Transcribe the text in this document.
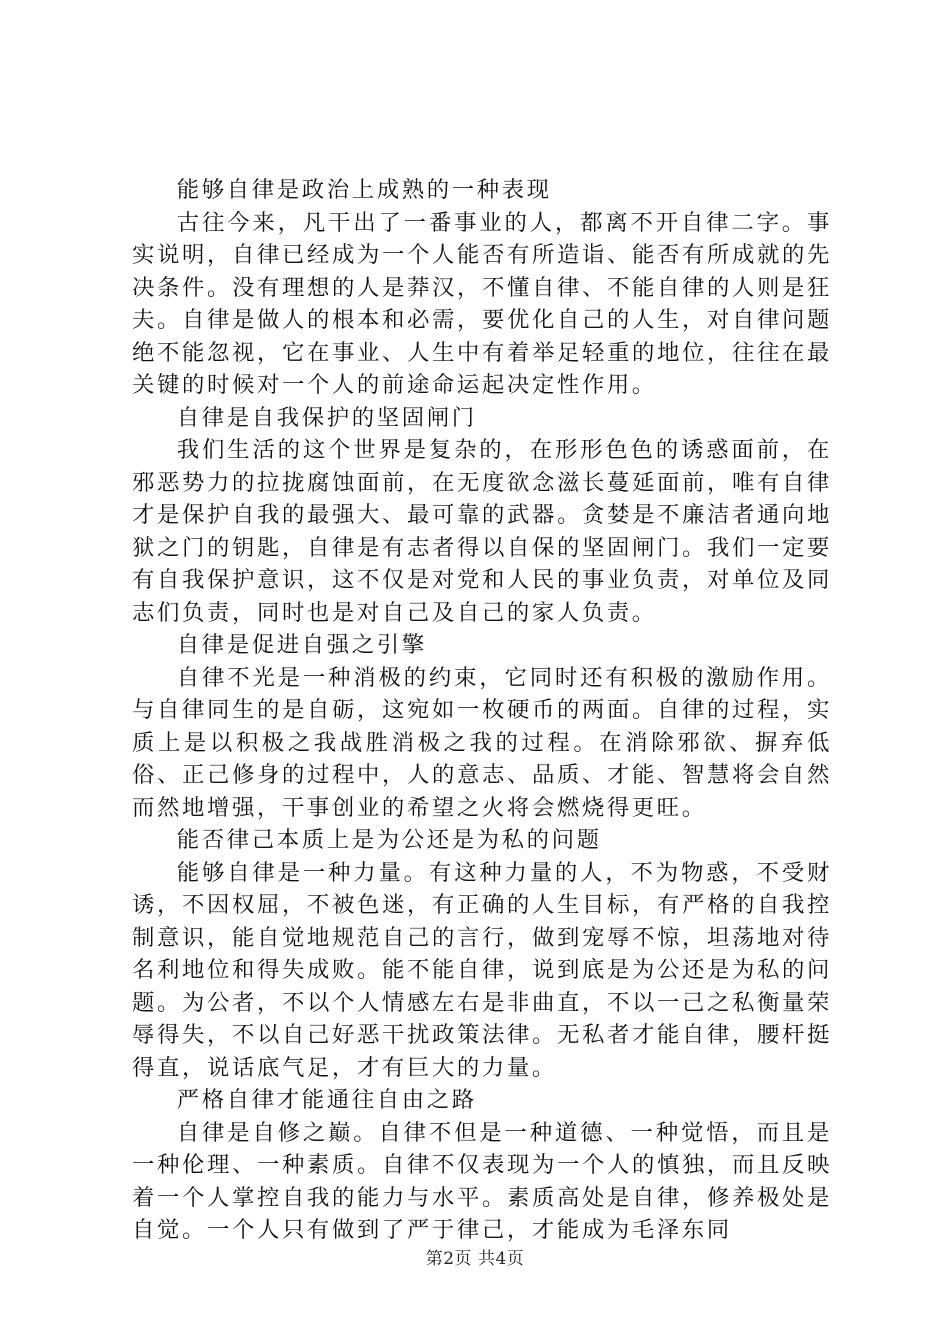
能够自律是政治上成熟的一种表现

古往今来，凡干出了一番事业的人，都离不开自律二字。事实说明，自律已经成为一个人能否有所造诣、能否有所成就的先决条件。没有理想的人是莽汉，不懂自律、不能自律的人则是狂夫。自律是做人的根本和必需，要优化自己的人生，对自律问题绝不能忽视，它在事业、人生中有着举足轻重的地位，往往在最关键的时候对一个人的前途命运起决定性作用。

自律是自我保护的坚固闸门

我们生活的这个世界是复杂的，在形形色色的诱惑面前，在邪恶势力的拉拢腐蚀面前，在无度欲念滋长蔓延面前，唯有自律才是保护自我的最强大、最可靠的武器。贪婪是不廉洁者通向地狱之门的钥匙，自律是有志者得以自保的坚固闸门。我们一定要有自我保护意识，这不仅是对党和人民的事业负责，对单位及同志们负责，同时也是对自己及自己的家人负责。

自律是促进自强之引擎

自律不光是一种消极的约束，它同时还有积极的激励作用。与自律同生的是自砺，这宛如一枚硬币的两面。自律的过程，实质上是以积极之我战胜消极之我的过程。在消除邪欲、摒弃低俗、正己修身的过程中，人的意志、品质、才能、智慧将会自然而然地增强，干事创业的希望之火将会燃烧得更旺。

能否律己本质上是为公还是为私的问题

能够自律是一种力量。有这种力量的人，不为物惑，不受财诱，不因权屈，不被色迷，有正确的人生目标，有严格的自我控制意识，能自觉地规范自己的言行，做到宠辱不惊，坦荡地对待名利地位和得失成败。能不能自律，说到底是为公还是为私的问题。为公者，不以个人情感左右是非曲直，不以一己之私衡量荣辱得失，不以自己好恶干扰政策法律。无私者才能自律，腰杆挺得直，说话底气足，才有巨大的力量。

严格自律才能通往自由之路

自律是自修之巅。自律不但是一种道德、一种觉悟，而且是一种伦理、一种素质。自律不仅表现为一个人的慎独，而且反映着一个人掌控自我的能力与水平。素质高处是自律，修养极处是自觉。一个人只有做到了严于律己，才能成为毛泽东同

第2页 共4页
